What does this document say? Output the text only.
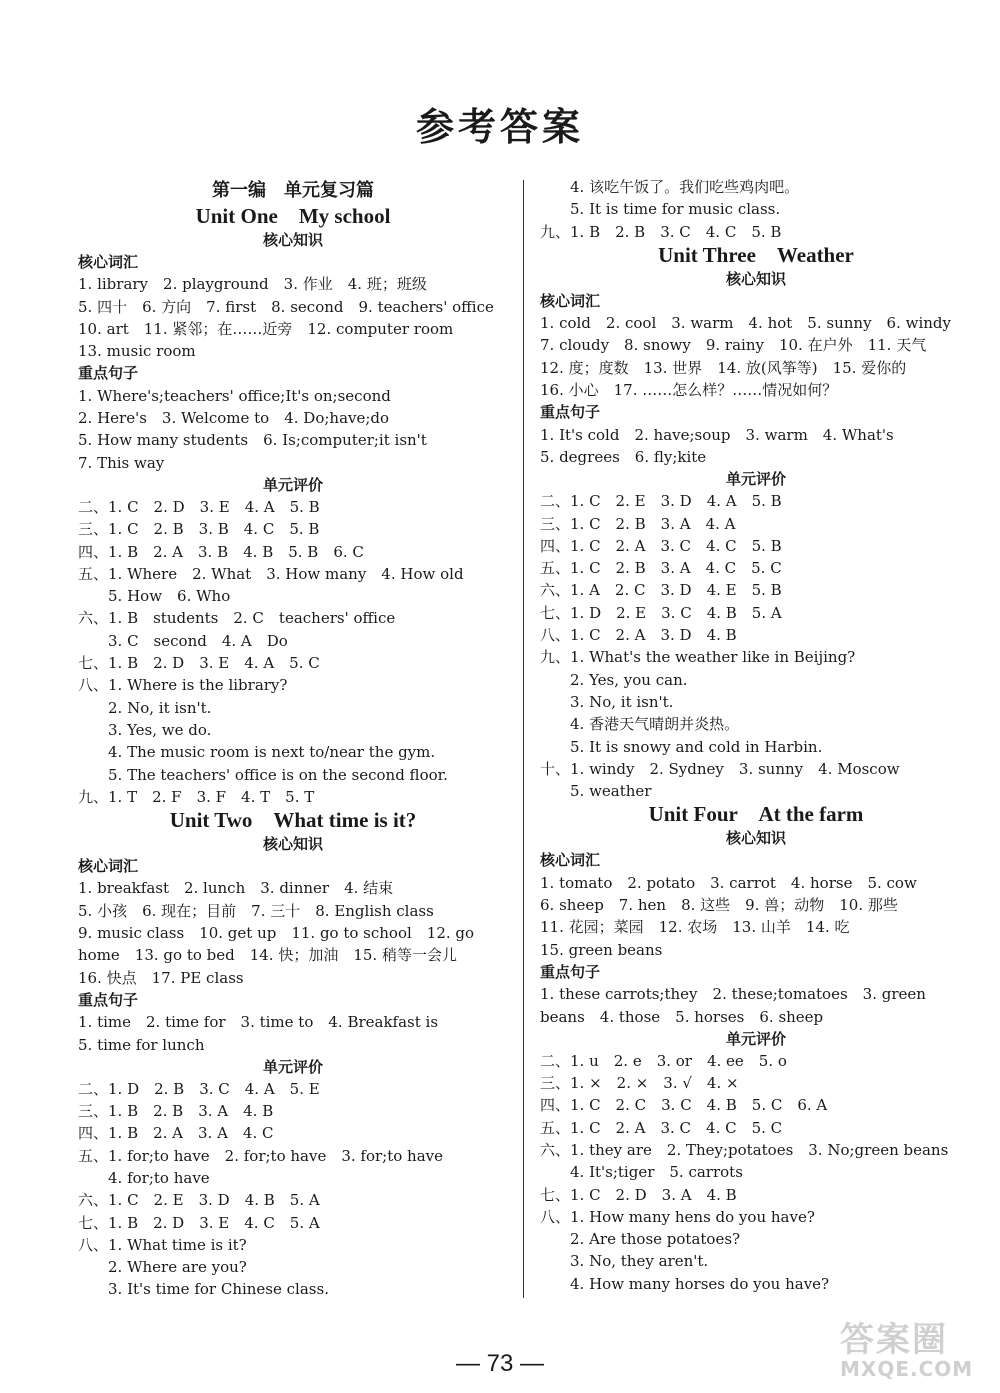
参考答案
第一编　单元复习篇
Unit One　My school
核心知识
核心词汇
1. library　2. playground　3. 作业　4. 班；班级
5. 四十　6. 方向　7. first　8. second　9. teachers' office
10. art　11. 紧邻；在……近旁　12. computer room
13. music room
重点句子
1. Where's;teachers' office;It's on;second
2. Here's　3. Welcome to　4. Do;have;do
5. How many students　6. Is;computer;it isn't
7. This way
单元评价
二、1. C　2. D　3. E　4. A　5. B
三、1. C　2. B　3. B　4. C　5. B
四、1. B　2. A　3. B　4. B　5. B　6. C
五、1. Where　2. What　3. How many　4. How old
5. How　6. Who
六、1. B　students　2. C　teachers' office
3. C　second　4. A　Do
七、1. B　2. D　3. E　4. A　5. C
八、1. Where is the library?
2. No, it isn't.
3. Yes, we do.
4. The music room is next to/near the gym.
5. The teachers' office is on the second floor.
九、1. T　2. F　3. F　4. T　5. T
Unit Two　What time is it?
核心知识
核心词汇
1. breakfast　2. lunch　3. dinner　4. 结束
5. 小孩　6. 现在；目前　7. 三十　8. English class
9. music class　10. get up　11. go to school　12. go
home　13. go to bed　14. 快；加油　15. 稍等一会儿
16. 快点　17. PE class
重点句子
1. time　2. time for　3. time to　4. Breakfast is
5. time for lunch
单元评价
二、1. D　2. B　3. C　4. A　5. E
三、1. B　2. B　3. A　4. B
四、1. B　2. A　3. A　4. C
五、1. for;to have　2. for;to have　3. for;to have
4. for;to have
六、1. C　2. E　3. D　4. B　5. A
七、1. B　2. D　3. E　4. C　5. A
八、1. What time is it?
2. Where are you?
3. It's time for Chinese class.
4. 该吃午饭了。我们吃些鸡肉吧。
5. It is time for music class.
九、1. B　2. B　3. C　4. C　5. B
Unit Three　Weather
核心知识
核心词汇
1. cold　2. cool　3. warm　4. hot　5. sunny　6. windy
7. cloudy　8. snowy　9. rainy　10. 在户外　11. 天气
12. 度；度数　13. 世界　14. 放(风筝等)　15. 爱你的
16. 小心　17. ……怎么样？……情况如何？
重点句子
1. It's cold　2. have;soup　3. warm　4. What's
5. degrees　6. fly;kite
单元评价
二、1. C　2. E　3. D　4. A　5. B
三、1. C　2. B　3. A　4. A
四、1. C　2. A　3. C　4. C　5. B
五、1. C　2. B　3. A　4. C　5. C
六、1. A　2. C　3. D　4. E　5. B
七、1. D　2. E　3. C　4. B　5. A
八、1. C　2. A　3. D　4. B
九、1. What's the weather like in Beijing?
2. Yes, you can.
3. No, it isn't.
4. 香港天气晴朗并炎热。
5. It is snowy and cold in Harbin.
十、1. windy　2. Sydney　3. sunny　4. Moscow
5. weather
Unit Four　At the farm
核心知识
核心词汇
1. tomato　2. potato　3. carrot　4. horse　5. cow
6. sheep　7. hen　8. 这些　9. 兽；动物　10. 那些
11. 花园；菜园　12. 农场　13. 山羊　14. 吃
15. green beans
重点句子
1. these carrots;they　2. these;tomatoes　3. green
beans　4. those　5. horses　6. sheep
单元评价
二、1. u　2. e　3. or　4. ee　5. o
三、1. ×　2. ×　3. √　4. ×
四、1. C　2. C　3. C　4. B　5. C　6. A
五、1. C　2. A　3. C　4. C　5. C
六、1. they are　2. They;potatoes　3. No;green beans
4. It's;tiger　5. carrots
七、1. C　2. D　3. A　4. B
八、1. How many hens do you have?
2. Are those potatoes?
3. No, they aren't.
4. How many horses do you have?
— 73 —
答案圈
MXQE.COM
